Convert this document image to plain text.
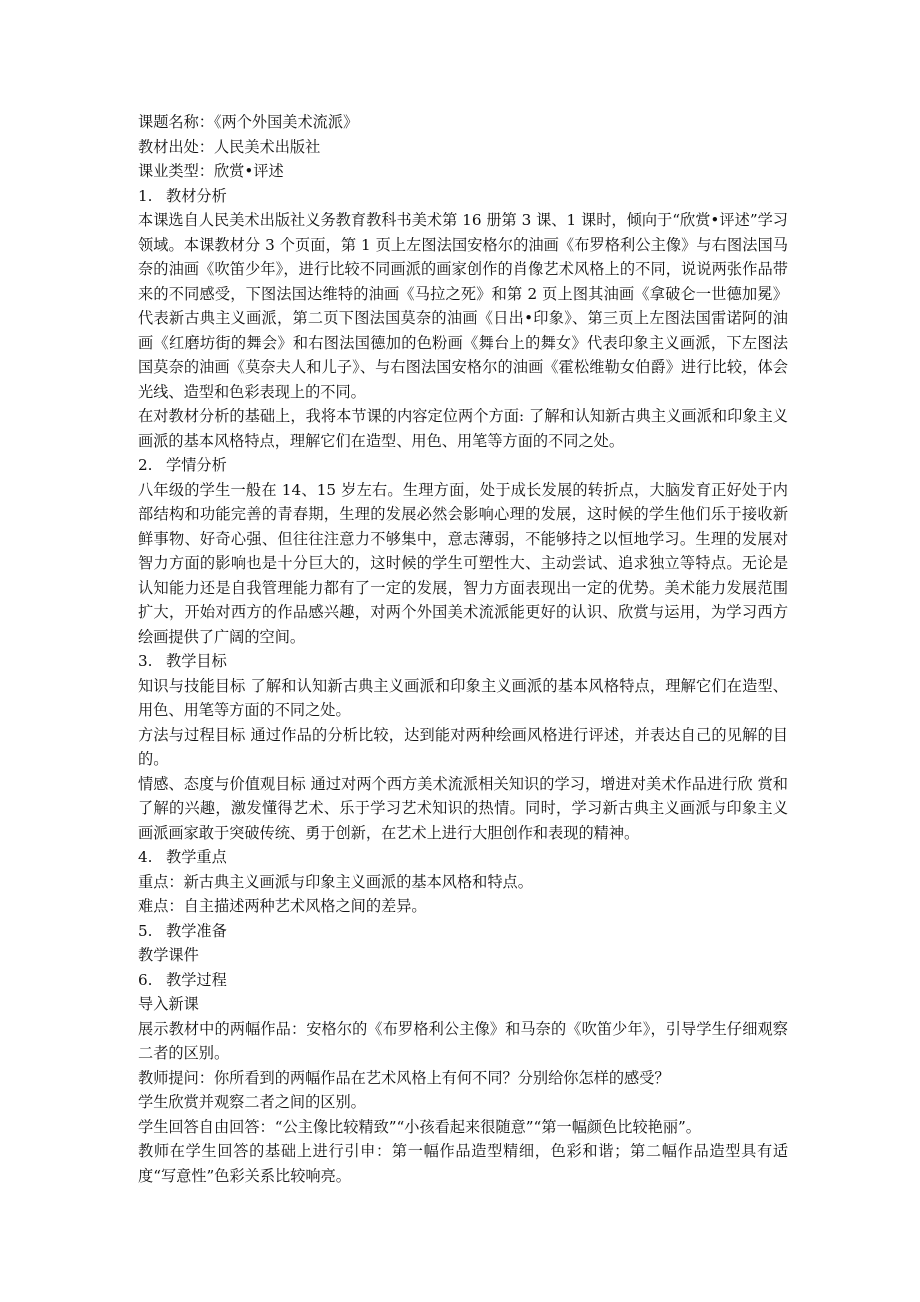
课题名称：《两个外国美术流派》

教材出处：人民美术出版社

课业类型：欣赏•评述

1. 教材分析

本课选自人民美术出版社义务教育教科书美术第 16 册第 3 课、1 课时，倾向于“欣赏•评述”学习领域。本课教材分 3 个页面，第 1 页上左图法国安格尔的油画《布罗格利公主像》与右图法国马奈的油画《吹笛少年》，进行比较不同画派的画家创作的肖像艺术风格上的不同，说说两张作品带来的不同感受，下图法国达维特的油画《马拉之死》和第 2 页上图其油画《拿破仑一世德加冕》代表新古典主义画派，第二页下图法国莫奈的油画《日出•印象》、第三页上左图法国雷诺阿的油画《红磨坊街的舞会》和右图法国德加的色粉画《舞台上的舞女》代表印象主义画派，下左图法国莫奈的油画《莫奈夫人和儿子》、与右图法国安格尔的油画《霍松维勒女伯爵》进行比较，体会光线、造型和色彩表现上的不同。

在对教材分析的基础上，我将本节课的内容定位两个方面: 了解和认知新古典主义画派和印象主义画派的基本风格特点，理解它们在造型、用色、用笔等方面的不同之处。

2. 学情分析

八年级的学生一般在 14、15 岁左右。生理方面，处于成长发展的转折点，大脑发育正好处于内部结构和功能完善的青春期，生理的发展必然会影响心理的发展，这时候的学生他们乐于接收新鲜事物、好奇心强、但往往注意力不够集中，意志薄弱，不能够持之以恒地学习。生理的发展对智力方面的影响也是十分巨大的，这时候的学生可塑性大、主动尝试、追求独立等特点。无论是认知能力还是自我管理能力都有了一定的发展，智力方面表现出一定的优势。美术能力发展范围扩大，开始对西方的作品感兴趣，对两个外国美术流派能更好的认识、欣赏与运用，为学习西方绘画提供了广阔的空间。

3. 教学目标

知识与技能目标 了解和认知新古典主义画派和印象主义画派的基本风格特点，理解它们在造型、用色、用笔等方面的不同之处。

方法与过程目标 通过作品的分析比较，达到能对两种绘画风格进行评述，并表达自己的见解的目的。

情感、态度与价值观目标 通过对两个西方美术流派相关知识的学习，增进对美术作品进行欣 赏和了解的兴趣，激发懂得艺术、乐于学习艺术知识的热情。同时，学习新古典主义画派与印象主义画派画家敢于突破传统、勇于创新，在艺术上进行大胆创作和表现的精神。

4. 教学重点

重点：新古典主义画派与印象主义画派的基本风格和特点。

难点：自主描述两种艺术风格之间的差异。

5. 教学准备

教学课件

6. 教学过程

导入新课

展示教材中的两幅作品：安格尔的《布罗格利公主像》和马奈的《吹笛少年》，引导学生仔细观察二者的区别。

教师提问：你所看到的两幅作品在艺术风格上有何不同？分别给你怎样的感受？

学生欣赏并观察二者之间的区别。

学生回答自由回答：“公主像比较精致”“小孩看起来很随意”“第一幅颜色比较艳丽”。

教师在学生回答的基础上进行引申：第一幅作品造型精细，色彩和谐；第二幅作品造型具有适度“写意性”色彩关系比较响亮。
